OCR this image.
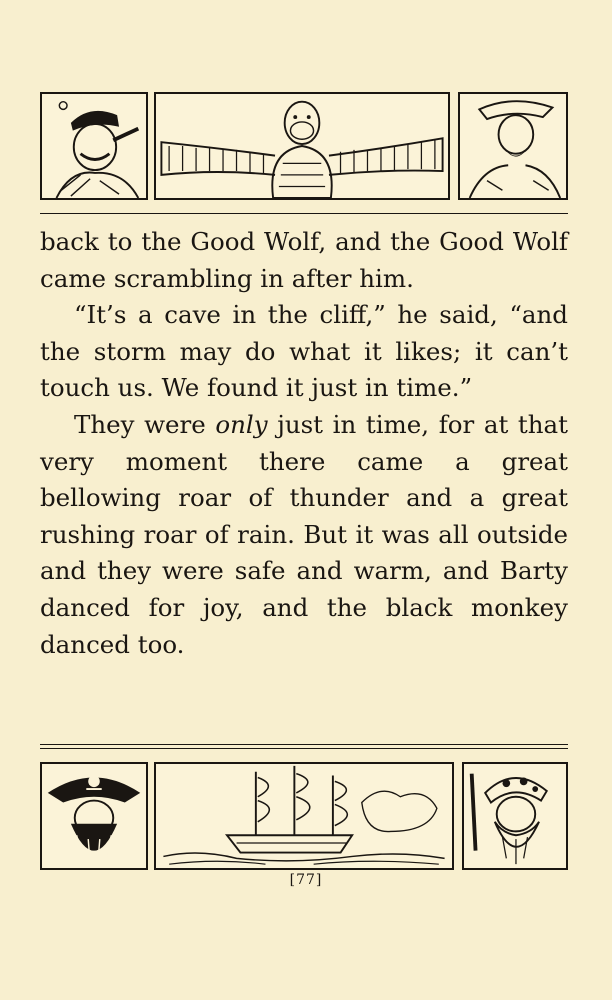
back to the Good Wolf, and the Good Wolf came scrambling in after him.

“It’s a cave in the cliff,” he said, “and the storm may do what it likes; it can’t touch us. We found it just in time.”

They were only just in time, for at that very moment there came a great bellowing roar of thunder and a great rushing roar of rain. But it was all outside and they were safe and warm, and Barty danced for joy, and the black monkey danced too.

[77]
